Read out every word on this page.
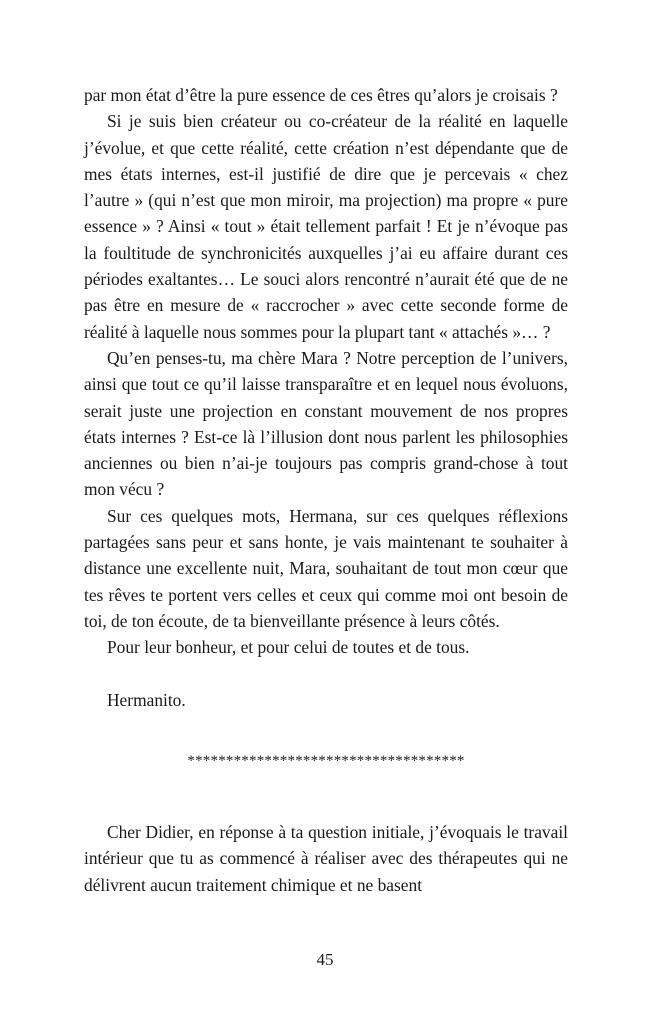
par mon état d’être la pure essence de ces êtres qu’alors je croisais ?

Si je suis bien créateur ou co-créateur de la réalité en laquelle j’évolue, et que cette réalité, cette création n’est dépendante que de mes états internes, est-il justifié de dire que je percevais « chez l’autre » (qui n’est que mon miroir, ma projection) ma propre « pure essence » ? Ainsi « tout » était tellement parfait ! Et je n’évoque pas la foultitude de synchronicités auxquelles j’ai eu affaire durant ces périodes exaltantes… Le souci alors rencontré n’aurait été que de ne pas être en mesure de « raccrocher » avec cette seconde forme de réalité à laquelle nous sommes pour la plupart tant « attachés »… ?

Qu’en penses-tu, ma chère Mara ? Notre perception de l’univers, ainsi que tout ce qu’il laisse transparaître et en lequel nous évoluons, serait juste une projection en constant mouvement de nos propres états internes ? Est-ce là l’illusion dont nous parlent les philosophies anciennes ou bien n’ai-je toujours pas compris grand-chose à tout mon vécu ?

Sur ces quelques mots, Hermana, sur ces quelques réflexions partagées sans peur et sans honte, je vais maintenant te souhaiter à distance une excellente nuit, Mara, souhaitant de tout mon cœur que tes rêves te portent vers celles et ceux qui comme moi ont besoin de toi, de ton écoute, de ta bienveillante présence à leurs côtés.

Pour leur bonheur, et pour celui de toutes et de tous.

Hermanito.

************************************

Cher Didier, en réponse à ta question initiale, j’évoquais le travail intérieur que tu as commencé à réaliser avec des thérapeutes qui ne délivrent aucun traitement chimique et ne basent

45
